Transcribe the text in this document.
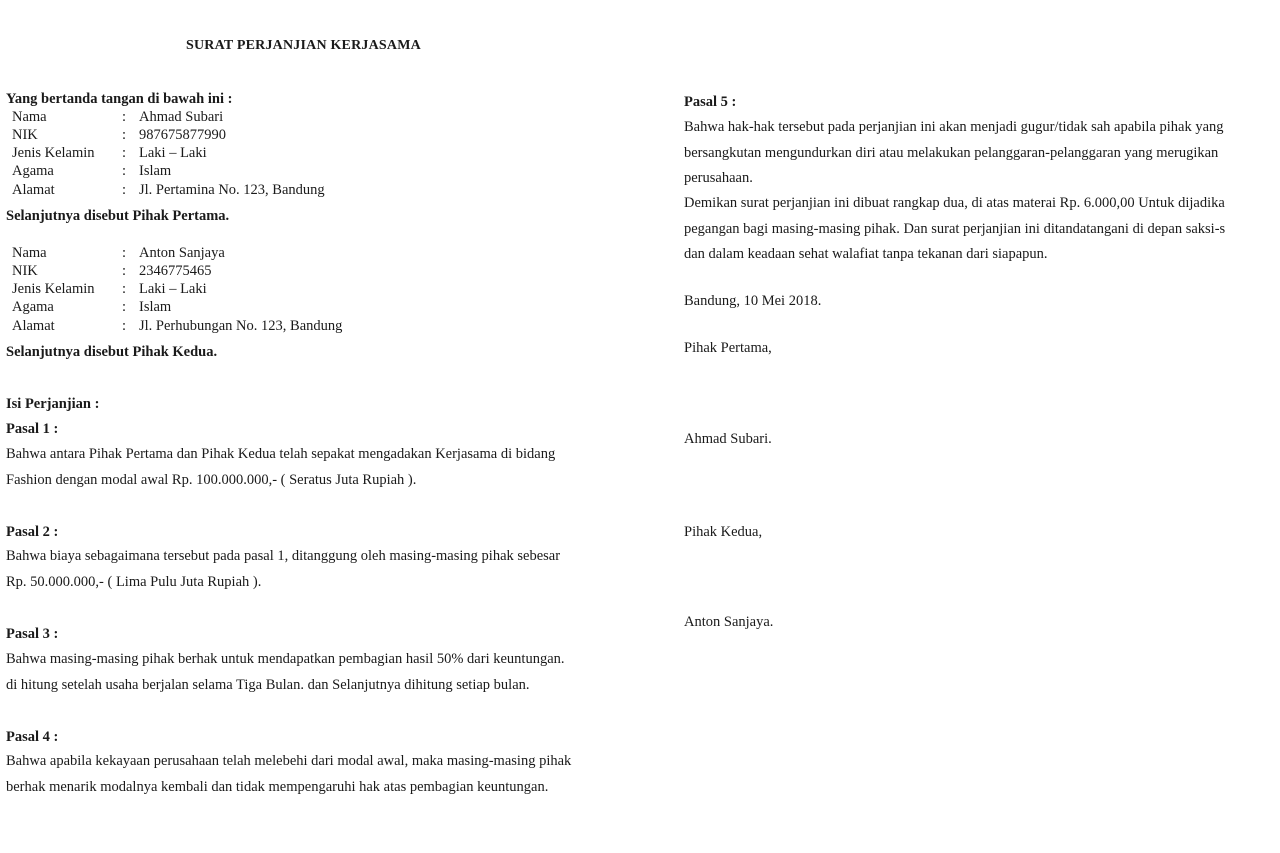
SURAT PERJANJIAN KERJASAMA
Yang bertanda tangan di bawah ini :
Nama	: Ahmad Subari
NIK	: 987675877990
Jenis Kelamin : Laki – Laki
Agama	: Islam
Alamat	: Jl. Pertamina No. 123, Bandung
Selanjutnya disebut Pihak Pertama.
Nama	: Anton Sanjaya
NIK	: 2346775465
Jenis Kelamin : Laki – Laki
Agama	: Islam
Alamat	: Jl. Perhubungan No. 123, Bandung
Selanjutnya disebut Pihak Kedua.
Isi Perjanjian :
Pasal 1 :
Bahwa antara Pihak Pertama dan Pihak Kedua telah sepakat mengadakan Kerjasama di bidang
Fashion dengan modal awal Rp. 100.000.000,- ( Seratus Juta Rupiah ).
Pasal 2 :
Bahwa biaya sebagaimana tersebut pada pasal 1, ditanggung oleh masing-masing pihak sebesar
Rp. 50.000.000,- ( Lima Pulu Juta Rupiah ).
Pasal 3 :
Bahwa masing-masing pihak berhak untuk mendapatkan pembagian hasil 50% dari keuntungan.
di hitung setelah usaha berjalan selama Tiga Bulan. dan Selanjutnya dihitung setiap bulan.
Pasal 4 :
Bahwa apabila kekayaan perusahaan telah melebehi dari modal awal, maka masing-masing pihak
berhak menarik modalnya kembali dan tidak mempengaruhi hak atas pembagian keuntungan.
Pasal 5 :
Bahwa hak-hak tersebut pada perjanjian ini akan menjadi gugur/tidak sah apabila pihak yang
bersangkutan mengundurkan diri atau melakukan pelanggaran-pelanggaran yang merugikan
perusahaan.
Demikan surat perjanjian ini dibuat rangkap dua, di atas materai Rp. 6.000,00 Untuk dijadika
pegangan bagi masing-masing pihak. Dan surat perjanjian ini ditandatangani di depan saksi-s
dan dalam keadaan sehat walafiat tanpa tekanan dari siapapun.
Bandung, 10 Mei 2018.
Pihak Pertama,
Ahmad Subari.
Pihak Kedua,
Anton Sanjaya.
